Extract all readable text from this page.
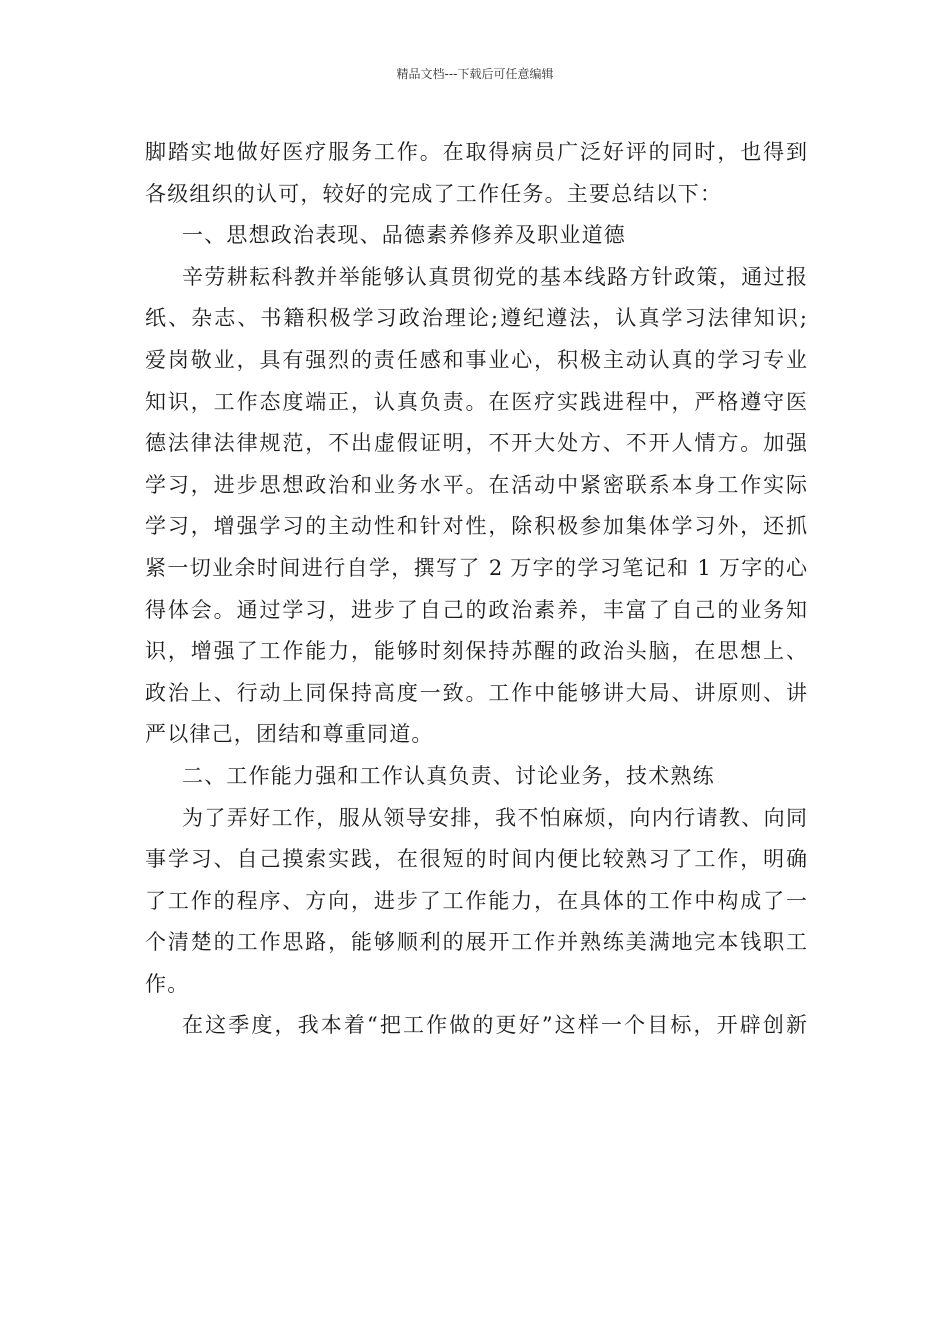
精品文档---下载后可任意编辑
脚踏实地做好医疗服务工作。在取得病员广泛好评的同时，也得到
各级组织的认可，较好的完成了工作任务。主要总结以下：
一、思想政治表现、品德素养修养及职业道德
辛劳耕耘科教并举能够认真贯彻党的基本线路方针政策，通过报
纸、杂志、书籍积极学习政治理论;遵纪遵法，认真学习法律知识;
爱岗敬业，具有强烈的责任感和事业心，积极主动认真的学习专业
知识，工作态度端正，认真负责。在医疗实践进程中，严格遵守医
德法律法律规范，不出虚假证明，不开大处方、不开人情方。加强
学习，进步思想政治和业务水平。在活动中紧密联系本身工作实际
学习，增强学习的主动性和针对性，除积极参加集体学习外，还抓
紧一切业余时间进行自学，撰写了 2 万字的学习笔记和 1 万字的心
得体会。通过学习，进步了自己的政治素养，丰富了自己的业务知
识，增强了工作能力，能够时刻保持苏醒的政治头脑，在思想上、
政治上、行动上同保持高度一致。工作中能够讲大局、讲原则、讲
严以律己，团结和尊重同道。
二、工作能力强和工作认真负责、讨论业务，技术熟练
为了弄好工作，服从领导安排，我不怕麻烦，向内行请教、向同
事学习、自己摸索实践，在很短的时间内便比较熟习了工作，明确
了工作的程序、方向，进步了工作能力，在具体的工作中构成了一
个清楚的工作思路，能够顺利的展开工作并熟练美满地完本钱职工
作。
在这季度，我本着“把工作做的更好”这样一个目标，开辟创新
